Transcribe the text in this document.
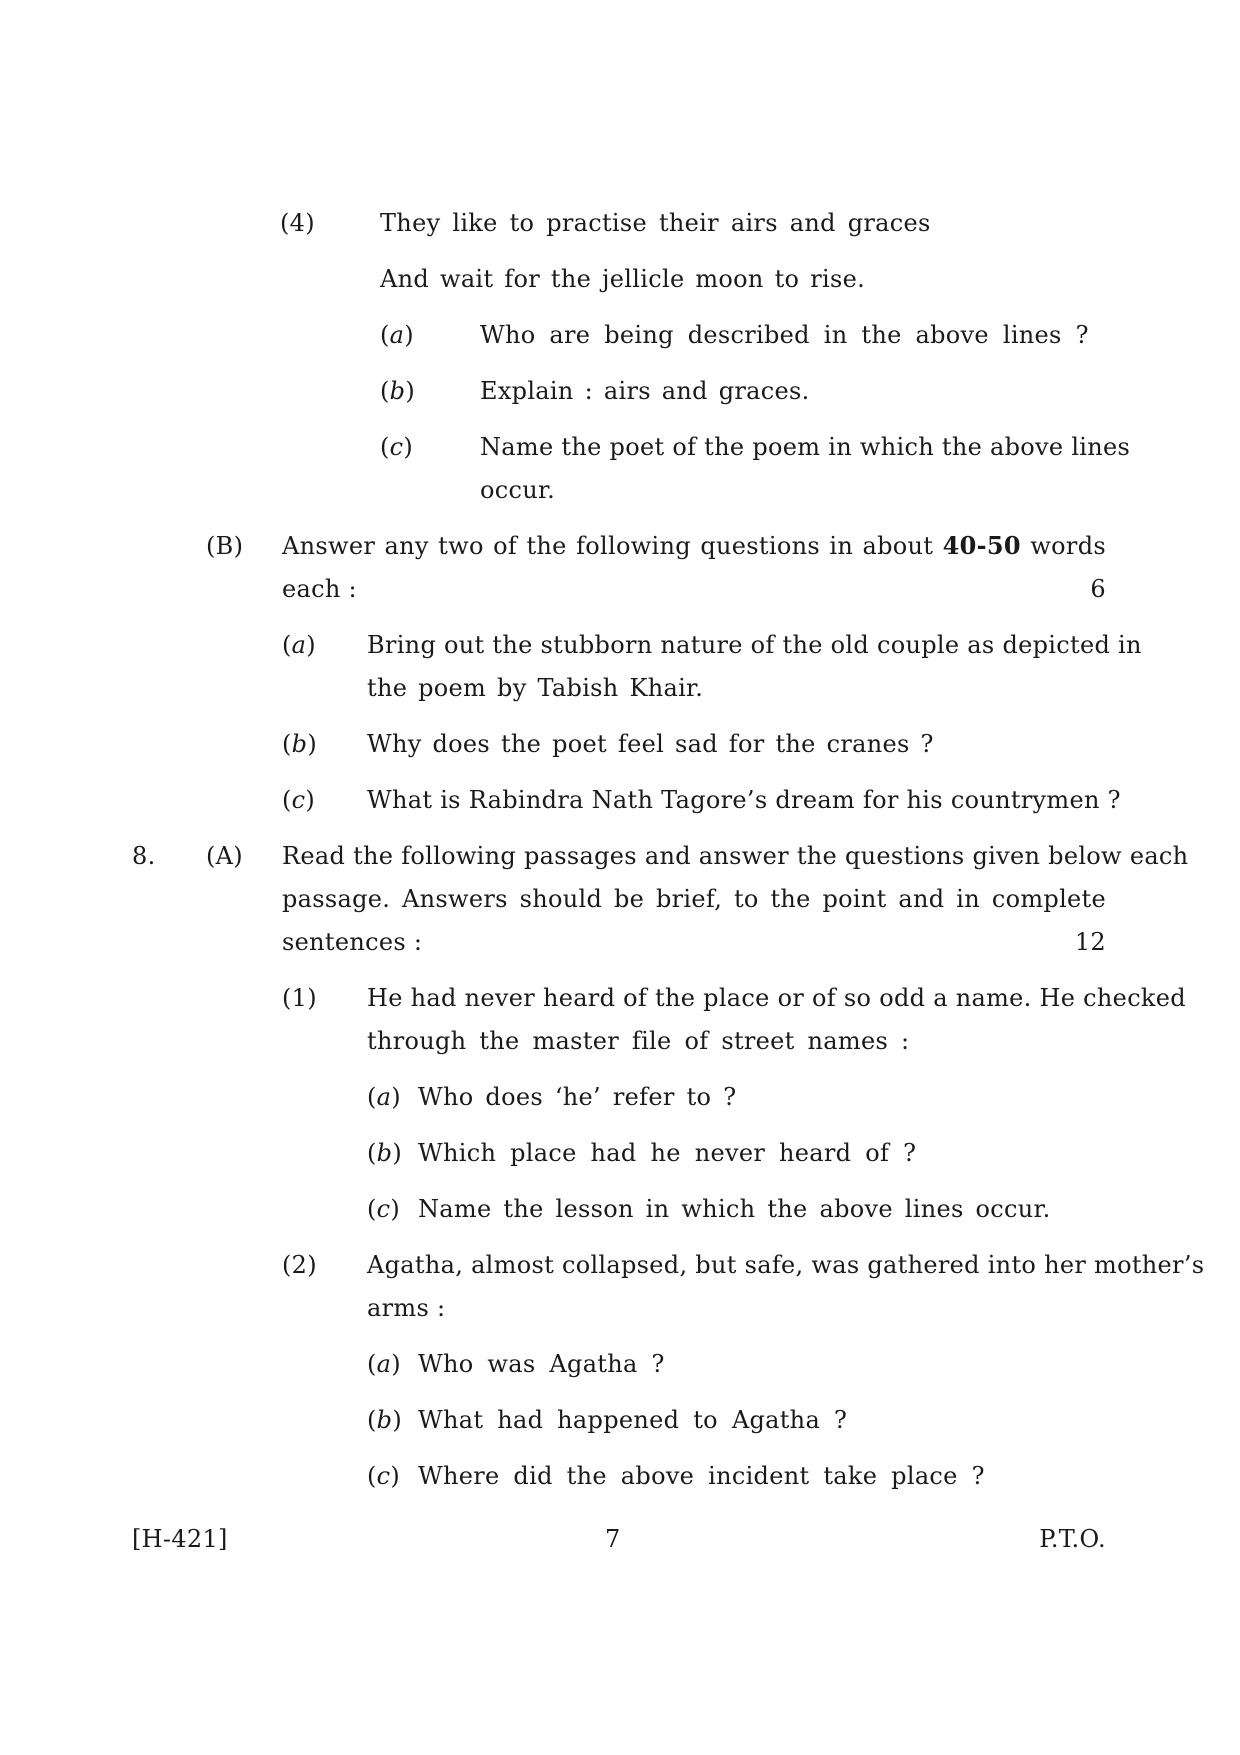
(4)	They like to practise their airs and graces
And wait for the jellicle moon to rise.
(a)	Who are being described in the above lines ?
(b)	Explain : airs and graces.
(c)	Name the poet of the poem in which the above lines
occur.
(B) Answer any two of the following questions in about 40-50 words
each :	6
(a) Bring out the stubborn nature of the old couple as depicted in
the poem by Tabish Khair.
(b) Why does the poet feel sad for the cranes ?
(c) What is Rabindra Nath Tagore’s dream for his countrymen ?
8. (A) Read the following passages and answer the questions given below each
passage. Answers should be brief, to the point and in complete
sentences :	12
(1) He had never heard of the place or of so odd a name. He checked
through the master file of street names :
(a) Who does ‘he’ refer to ?
(b) Which place had he never heard of ?
(c) Name the lesson in which the above lines occur.
(2) Agatha, almost collapsed, but safe, was gathered into her mother’s
arms :
(a) Who was Agatha ?
(b) What had happened to Agatha ?
(c) Where did the above incident take place ?
[H-421]	7	P.T.O.
